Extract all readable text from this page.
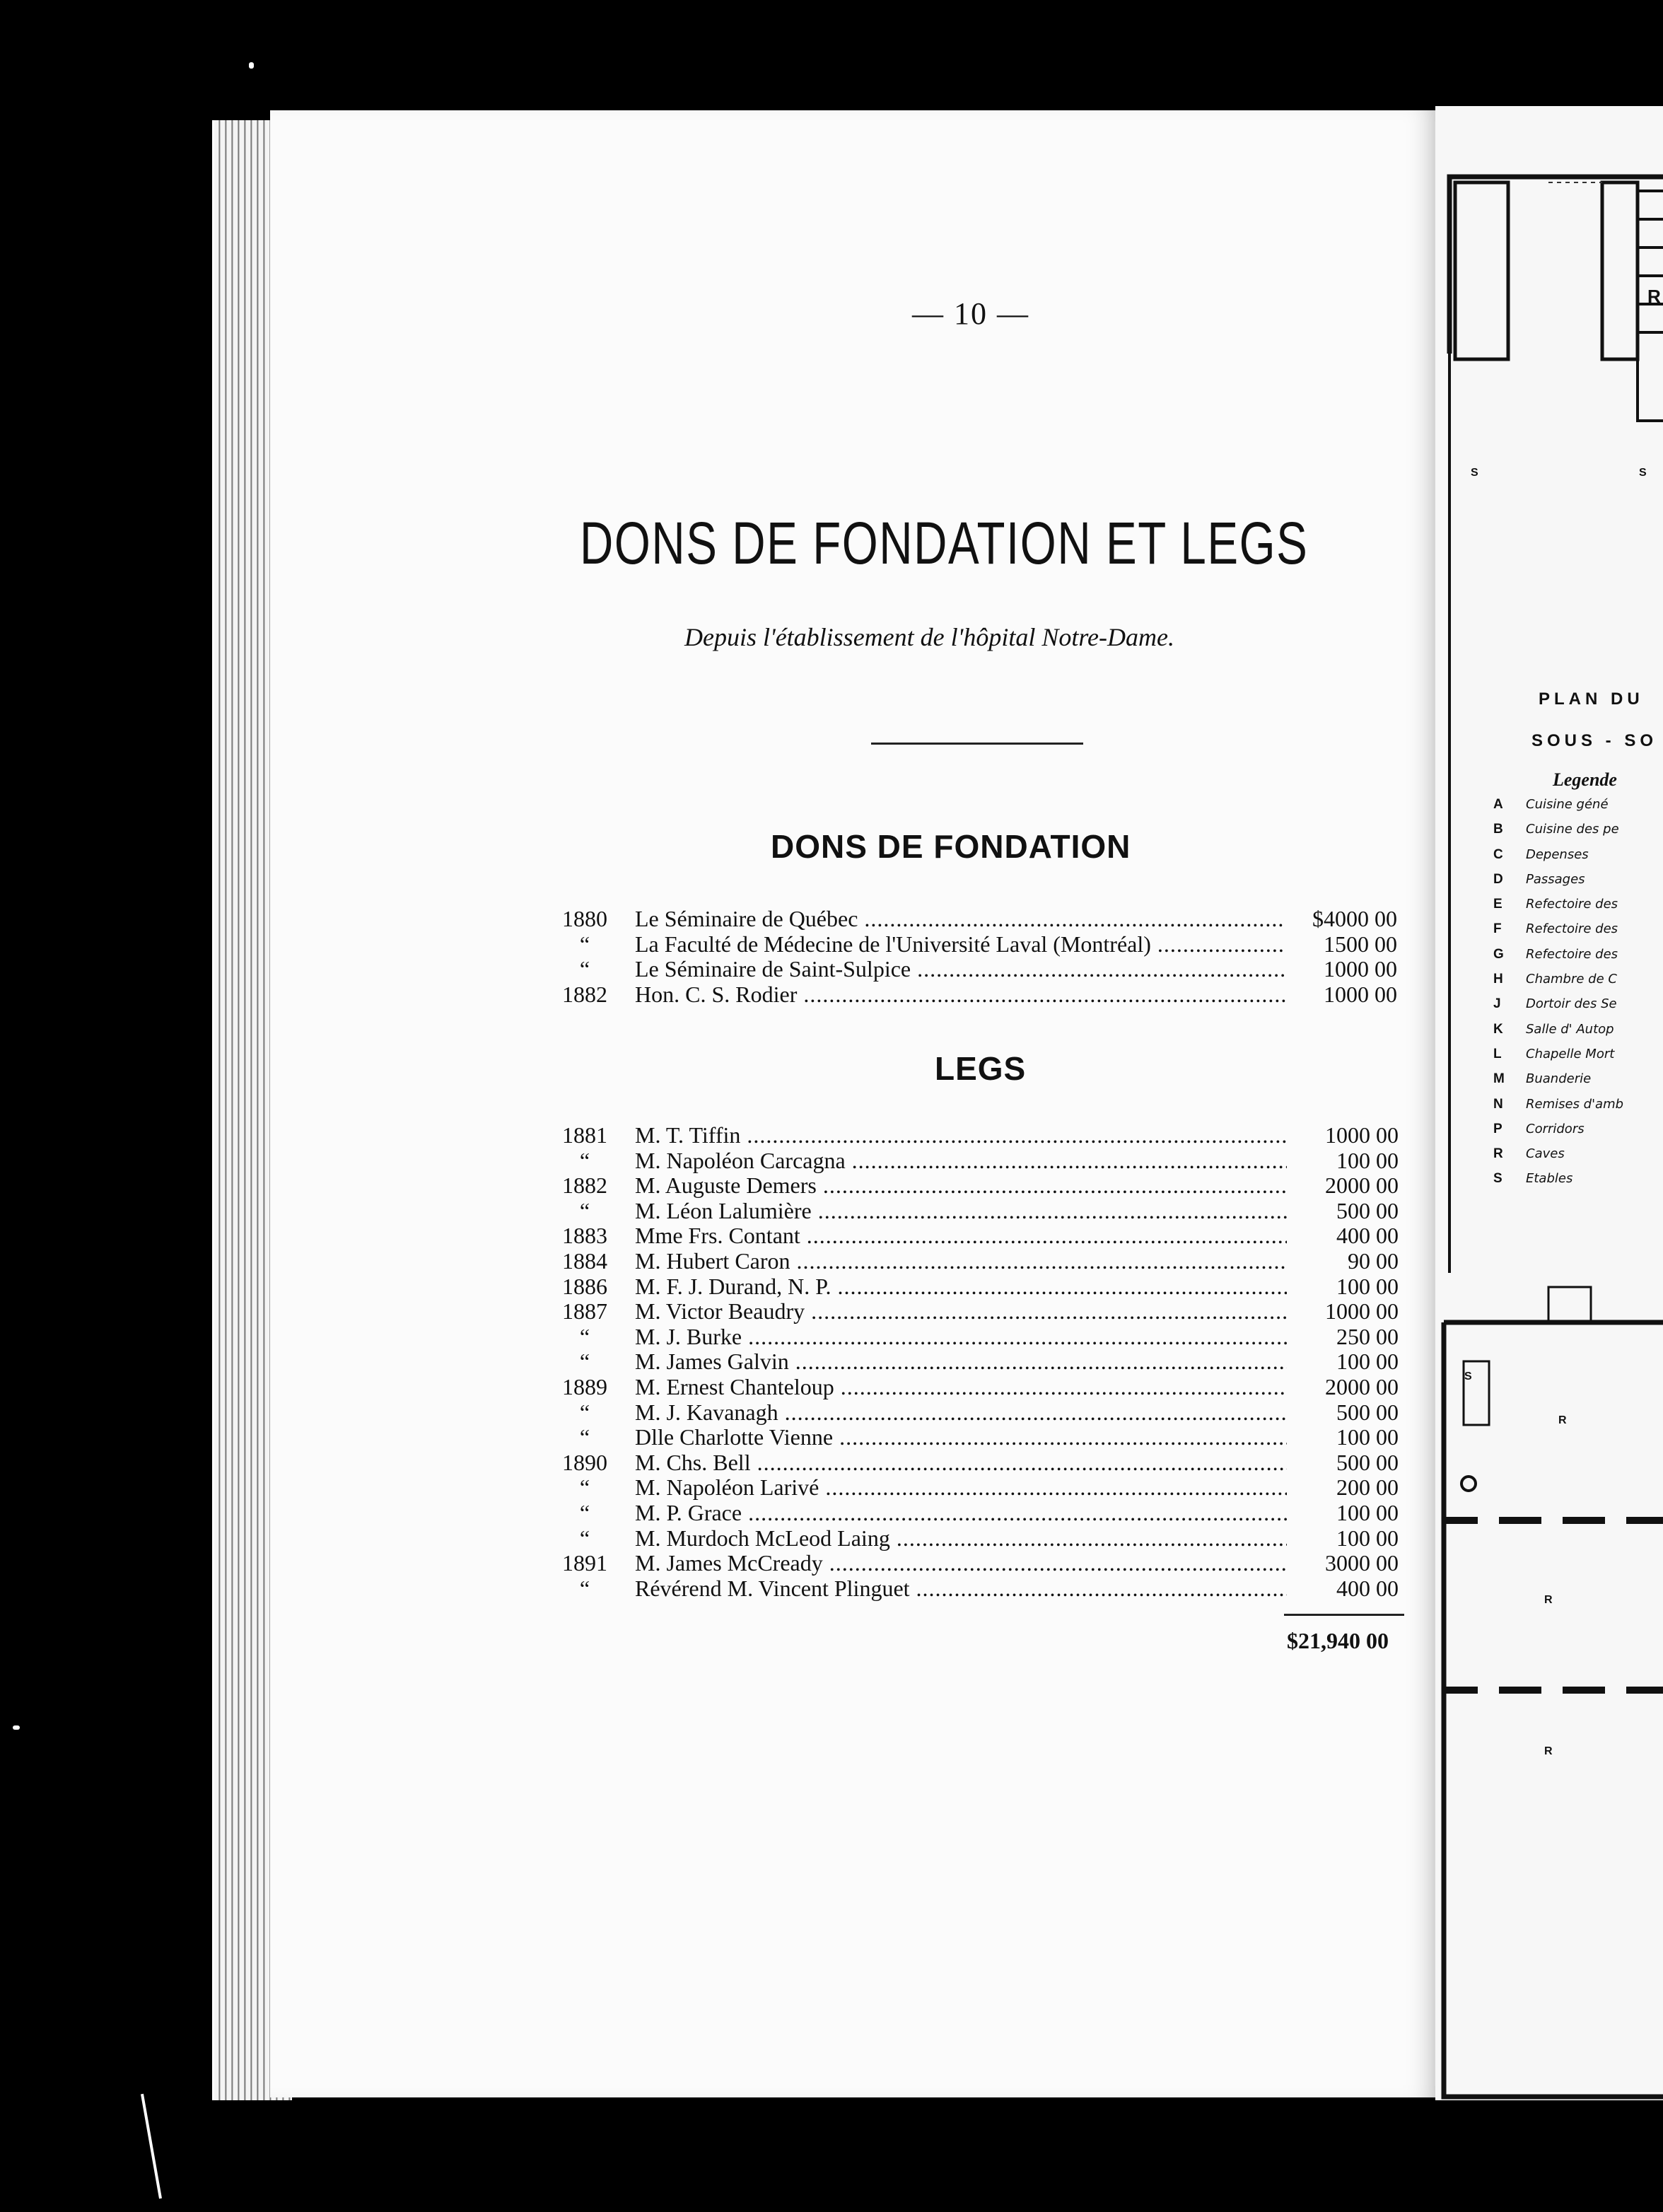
— 10 —
DONS DE FONDATION ET LEGS
Depuis l'établissement de l'hôpital Notre-Dame.
DONS DE FONDATION
1880 Le Séminaire de Québec .....	$4000 00
“	La Faculté de Médecine de l'Université Laval (Montréal) .....	1500 00
“	Le Séminaire de Saint-Sulpice .....	1000 00
1882 Hon. C. S. Rodier .....	1000 00
LEGS
1881 M. T. Tiffin .....	1000 00
“	M. Napoléon Carcagna .....	100 00
1882 M. Auguste Demers .....	2000 00
“	M. Léon Lalumière .....	500 00
1883 Mme Frs. Contant .....	400 00
1884 M. Hubert Caron .....	90 00
1886 M. F. J. Durand, N. P. .....	100 00
1887 M. Victor Beaudry .....	1000 00
“	M. J. Burke .....	250 00
“	M. James Galvin .....	100 00
1889 M. Ernest Chanteloup .....	2000 00
“	M. J. Kavanagh .....	500 00
“	Dlle Charlotte Vienne .....	100 00
1890 M. Chs. Bell .....	500 00
“	M. Napoléon Larivé .....	200 00
“	M. P. Grace .....	100 00
“	M. Murdoch McLeod Laing .....	100 00
1891 M. James McCready .....	3000 00
“	Révérend M. Vincent Plinguet .....	400 00
$21,940 00
S	S
R
R
R
S
R
PLAN DU
SOUS - SO
Legende
A Cuisine géné
B Cuisine des pe
C Depenses
D Passages
E Refectoire des
F Refectoire des
G Refectoire des
H Chambre de C
J Dortoir des Se
K Salle d' Autop
L Chapelle Mort
M Buanderie
N Remises d'amb
P Corridors
R Caves
S Etables
